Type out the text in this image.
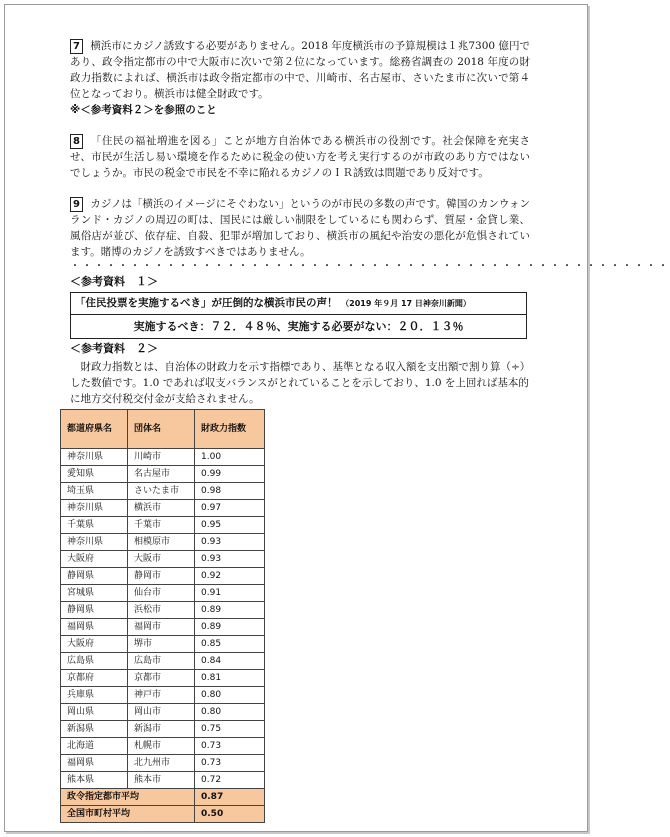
7 横浜市にカジノ誘致する必要がありません。2018 年度横浜市の予算規模は１兆7300 億円であり、政令指定都市の中で大阪市に次いで第２位になっています。総務省調査の 2018 年度の財政力指数によれば、横浜市は政令指定都市の中で、川崎市、名古屋市、さいたま市に次いで第４位となっており。横浜市は健全財政です。
※＜参考資料２＞を参照のこと

8 「住民の福祉増進を図る」ことが地方自治体である横浜市の役割です。社会保障を充実させ、市民が生活し易い環境を作るために税金の使い方を考え実行するのが市政のあり方ではないでしょうか。市民の税金で市民を不幸に陥れるカジノのＩＲ誘致は問題であり反対です。

9 カジノは「横浜のイメージにそぐわない」というのが市民の多数の声です。韓国のカンウォンランド・カジノの周辺の町は、国民には厳しい制限をしているにも関わらず、質屋・金貸し業、風俗店が並び、依存症、自殺、犯罪が増加しており、横浜市の風紀や治安の悪化が危惧されています。賭博のカジノを誘致すべきではありません。

・・・・・・・・・・・・・・・・・・・・・・・・・・・・・・・・・・・・・・・・・・・・・・・・・・
＜参考資料　１＞
「住民投票を実施するべき」が圧倒的な横浜市民の声！ （2019 年９月 17 日神奈川新聞）
実施するべき：７２．４８％、実施する必要がない：２０．１３％
＜参考資料　２＞

財政力指数とは、自治体の財政力を示す指標であり、基準となる収入額を支出額で割り算（÷）した数値です。1.0 であれば収支バランスがとれていることを示しており、1.0 を上回れば基本的に地方交付税交付金が支給されません。

都道府県名	団体名	財政力指数
神奈川県	川崎市	1.00
愛知県	名古屋市	0.99
埼玉県	さいたま市	0.98
神奈川県	横浜市	0.97
千葉県	千葉市	0.95
神奈川県	相模原市	0.93
大阪府	大阪市	0.93
静岡県	静岡市	0.92
宮城県	仙台市	0.91
静岡県	浜松市	0.89
福岡県	福岡市	0.89
大阪府	堺市	0.85
広島県	広島市	0.84
京都府	京都市	0.81
兵庫県	神戸市	0.80
岡山県	岡山市	0.80
新潟県	新潟市	0.75
北海道	札幌市	0.73
福岡県	北九州市	0.73
熊本県	熊本市	0.72
政令指定都市平均		0.87
全国市町村平均		0.50
